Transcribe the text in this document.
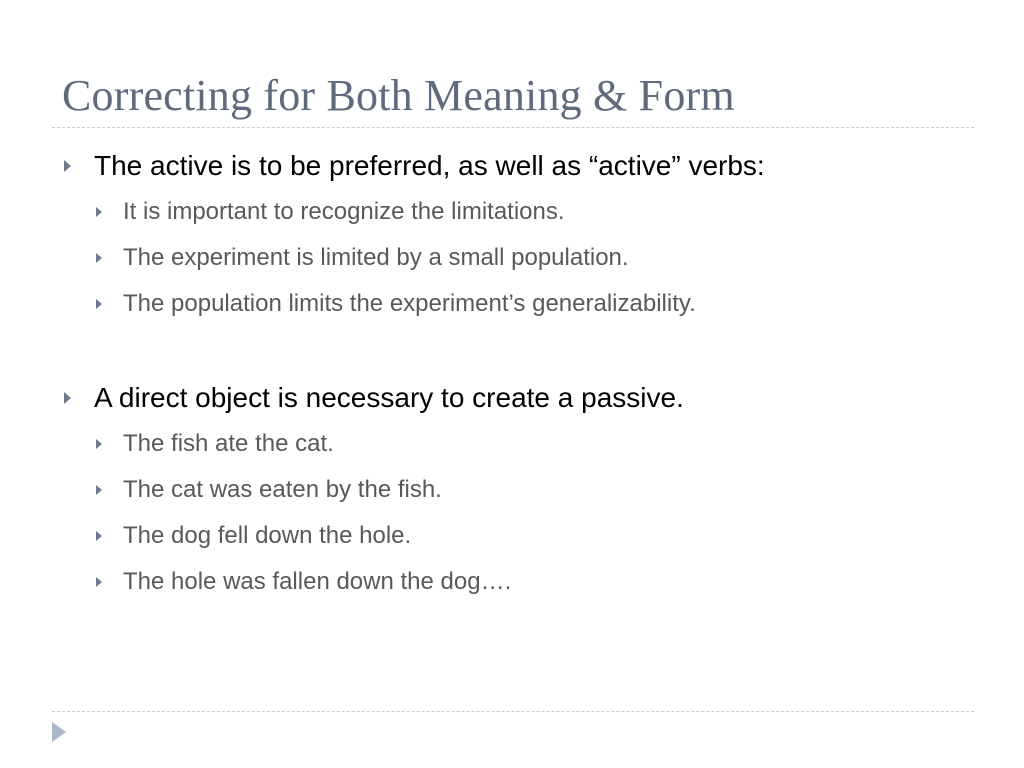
Correcting for Both Meaning & Form
The active is to be preferred, as well as “active” verbs:
It is important to recognize the limitations.
The experiment is limited by a small population.
The population limits the experiment’s generalizability.
A direct object is necessary to create a passive.
The fish ate the cat.
The cat was eaten by the fish.
The dog fell down the hole.
The hole was fallen down the dog….
